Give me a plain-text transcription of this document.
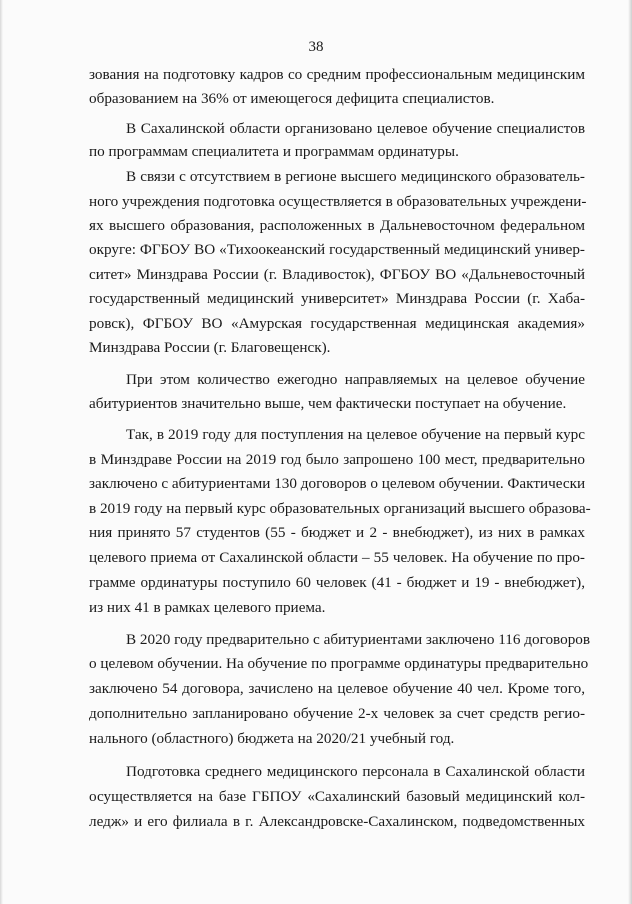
38
зования на подготовку кадров со средним профессиональным медицинским
образованием на 36% от имеющегося дефицита специалистов.
В Сахалинской области организовано целевое обучение специалистов
по программам специалитета и программам ординатуры.
В связи с отсутствием в регионе высшего медицинского образователь-
ного учреждения подготовка осуществляется в образовательных учреждени-
ях высшего образования, расположенных в Дальневосточном федеральном
округе: ФГБОУ ВО «Тихоокеанский государственный медицинский универ-
ситет» Минздрава России (г. Владивосток), ФГБОУ ВО «Дальневосточный
государственный медицинский университет» Минздрава России (г. Хаба-
ровск), ФГБОУ ВО «Амурская государственная медицинская академия»
Минздрава России (г. Благовещенск).
При этом количество ежегодно направляемых на целевое обучение
абитуриентов значительно выше, чем фактически поступает на обучение.
Так, в 2019 году для поступления на целевое обучение на первый курс
в Минздраве России на 2019 год было запрошено 100 мест, предварительно
заключено с абитуриентами 130 договоров о целевом обучении. Фактически
в 2019 году на первый курс образовательных организаций высшего образова-
ния принято 57 студентов (55 - бюджет и 2 - внебюджет), из них в рамках
целевого приема от Сахалинской области – 55 человек. На обучение по про-
грамме ординатуры поступило 60 человек (41 - бюджет и 19 - внебюджет),
из них 41 в рамках целевого приема.
В 2020 году предварительно с абитуриентами заключено 116 договоров
о целевом обучении. На обучение по программе ординатуры предварительно
заключено 54 договора, зачислено на целевое обучение 40 чел. Кроме того,
дополнительно запланировано обучение 2-х человек за счет средств регио-
нального (областного) бюджета на 2020/21 учебный год.
Подготовка среднего медицинского персонала в Сахалинской области
осуществляется на базе ГБПОУ «Сахалинский базовый медицинский кол-
ледж» и его филиала в г. Александровске-Сахалинском, подведомственных
